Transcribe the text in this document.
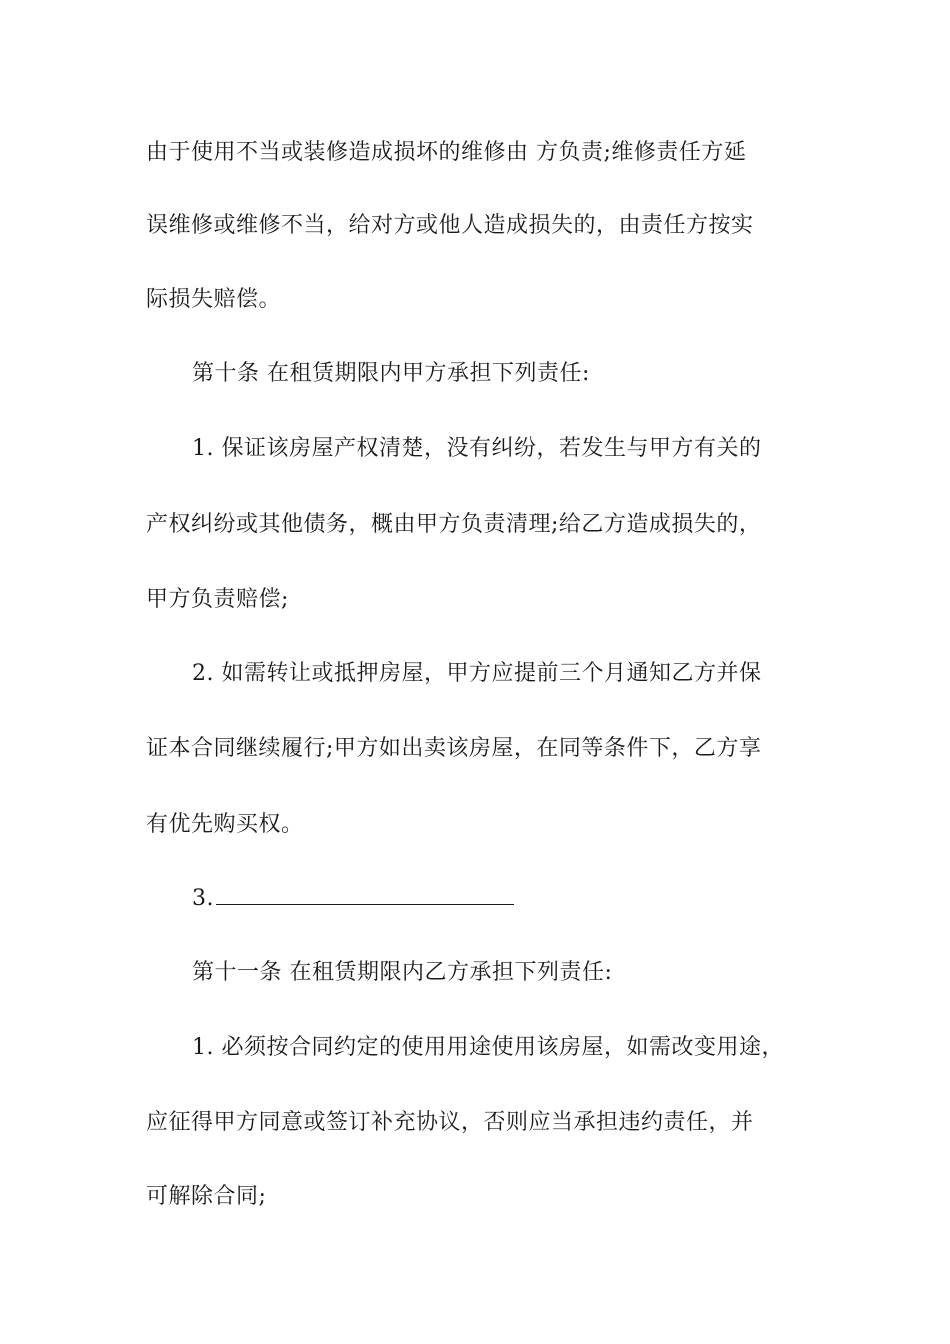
由于使用不当或装修造成损坏的维修由 方负责;维修责任方延
误维修或维修不当，给对方或他人造成损失的，由责任方按实
际损失赔偿。
第十条 在租赁期限内甲方承担下列责任:
1. 保证该房屋产权清楚，没有纠纷，若发生与甲方有关的
产权纠纷或其他债务，概由甲方负责清理;给乙方造成损失的，
甲方负责赔偿;
2. 如需转让或抵押房屋，甲方应提前三个月通知乙方并保
证本合同继续履行;甲方如出卖该房屋，在同等条件下，乙方享
有优先购买权。
3.
第十一条 在租赁期限内乙方承担下列责任:
1. 必须按合同约定的使用用途使用该房屋，如需改变用途，
应征得甲方同意或签订补充协议，否则应当承担违约责任，并
可解除合同;
